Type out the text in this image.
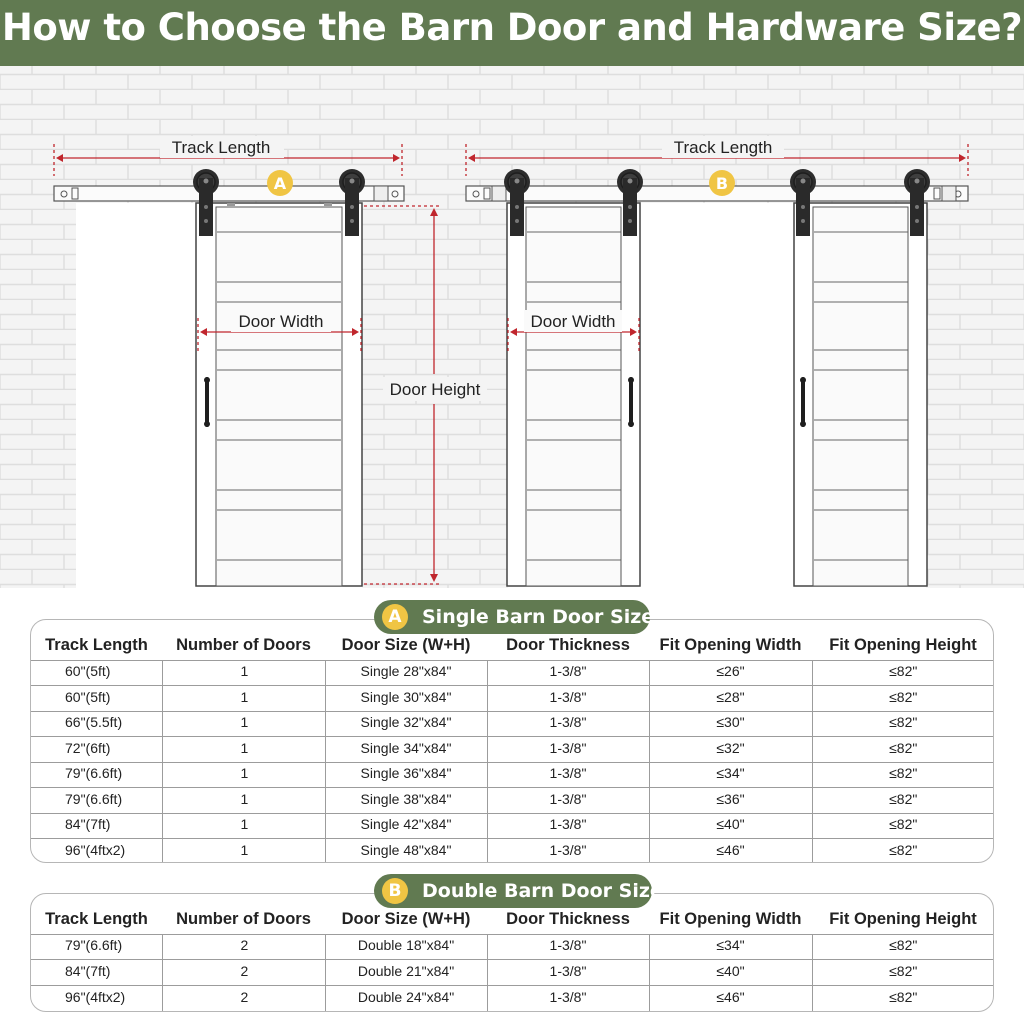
How to Choose the Barn Door and Hardware Size?
Track Length	Track Length
Door Width	Door Width
Door Height
A	B
Track Length	Number of Doors	Door Size (W+H)	Door Thickness	Fit Opening Width	Fit Opening Height
60"(5ft)	1	Single 28"x84"	1-3/8"	≤26"	≤82"
60"(5ft)	1	Single 30"x84"	1-3/8"	≤28"	≤82"
66"(5.5ft)	1	Single 32"x84"	1-3/8"	≤30"	≤82"
72"(6ft)	1	Single 34"x84"	1-3/8"	≤32"	≤82"
79"(6.6ft)	1	Single 36"x84"	1-3/8"	≤34"	≤82"
79"(6.6ft)	1	Single 38"x84"	1-3/8"	≤36"	≤82"
84"(7ft)	1	Single 42"x84"	1-3/8"	≤40"	≤82"
96"(4ftx2)	1	Single 48"x84"	1-3/8"	≤46"	≤82"
A	Single Barn Door Size
Track Length	Number of Doors	Door Size (W+H)	Door Thickness	Fit Opening Width	Fit Opening Height
79"(6.6ft)	2	Double 18"x84"	1-3/8"	≤34"	≤82"
84"(7ft)	2	Double 21"x84"	1-3/8"	≤40"	≤82"
96"(4ftx2)	2	Double 24"x84"	1-3/8"	≤46"	≤82"
B	Double Barn Door Size
